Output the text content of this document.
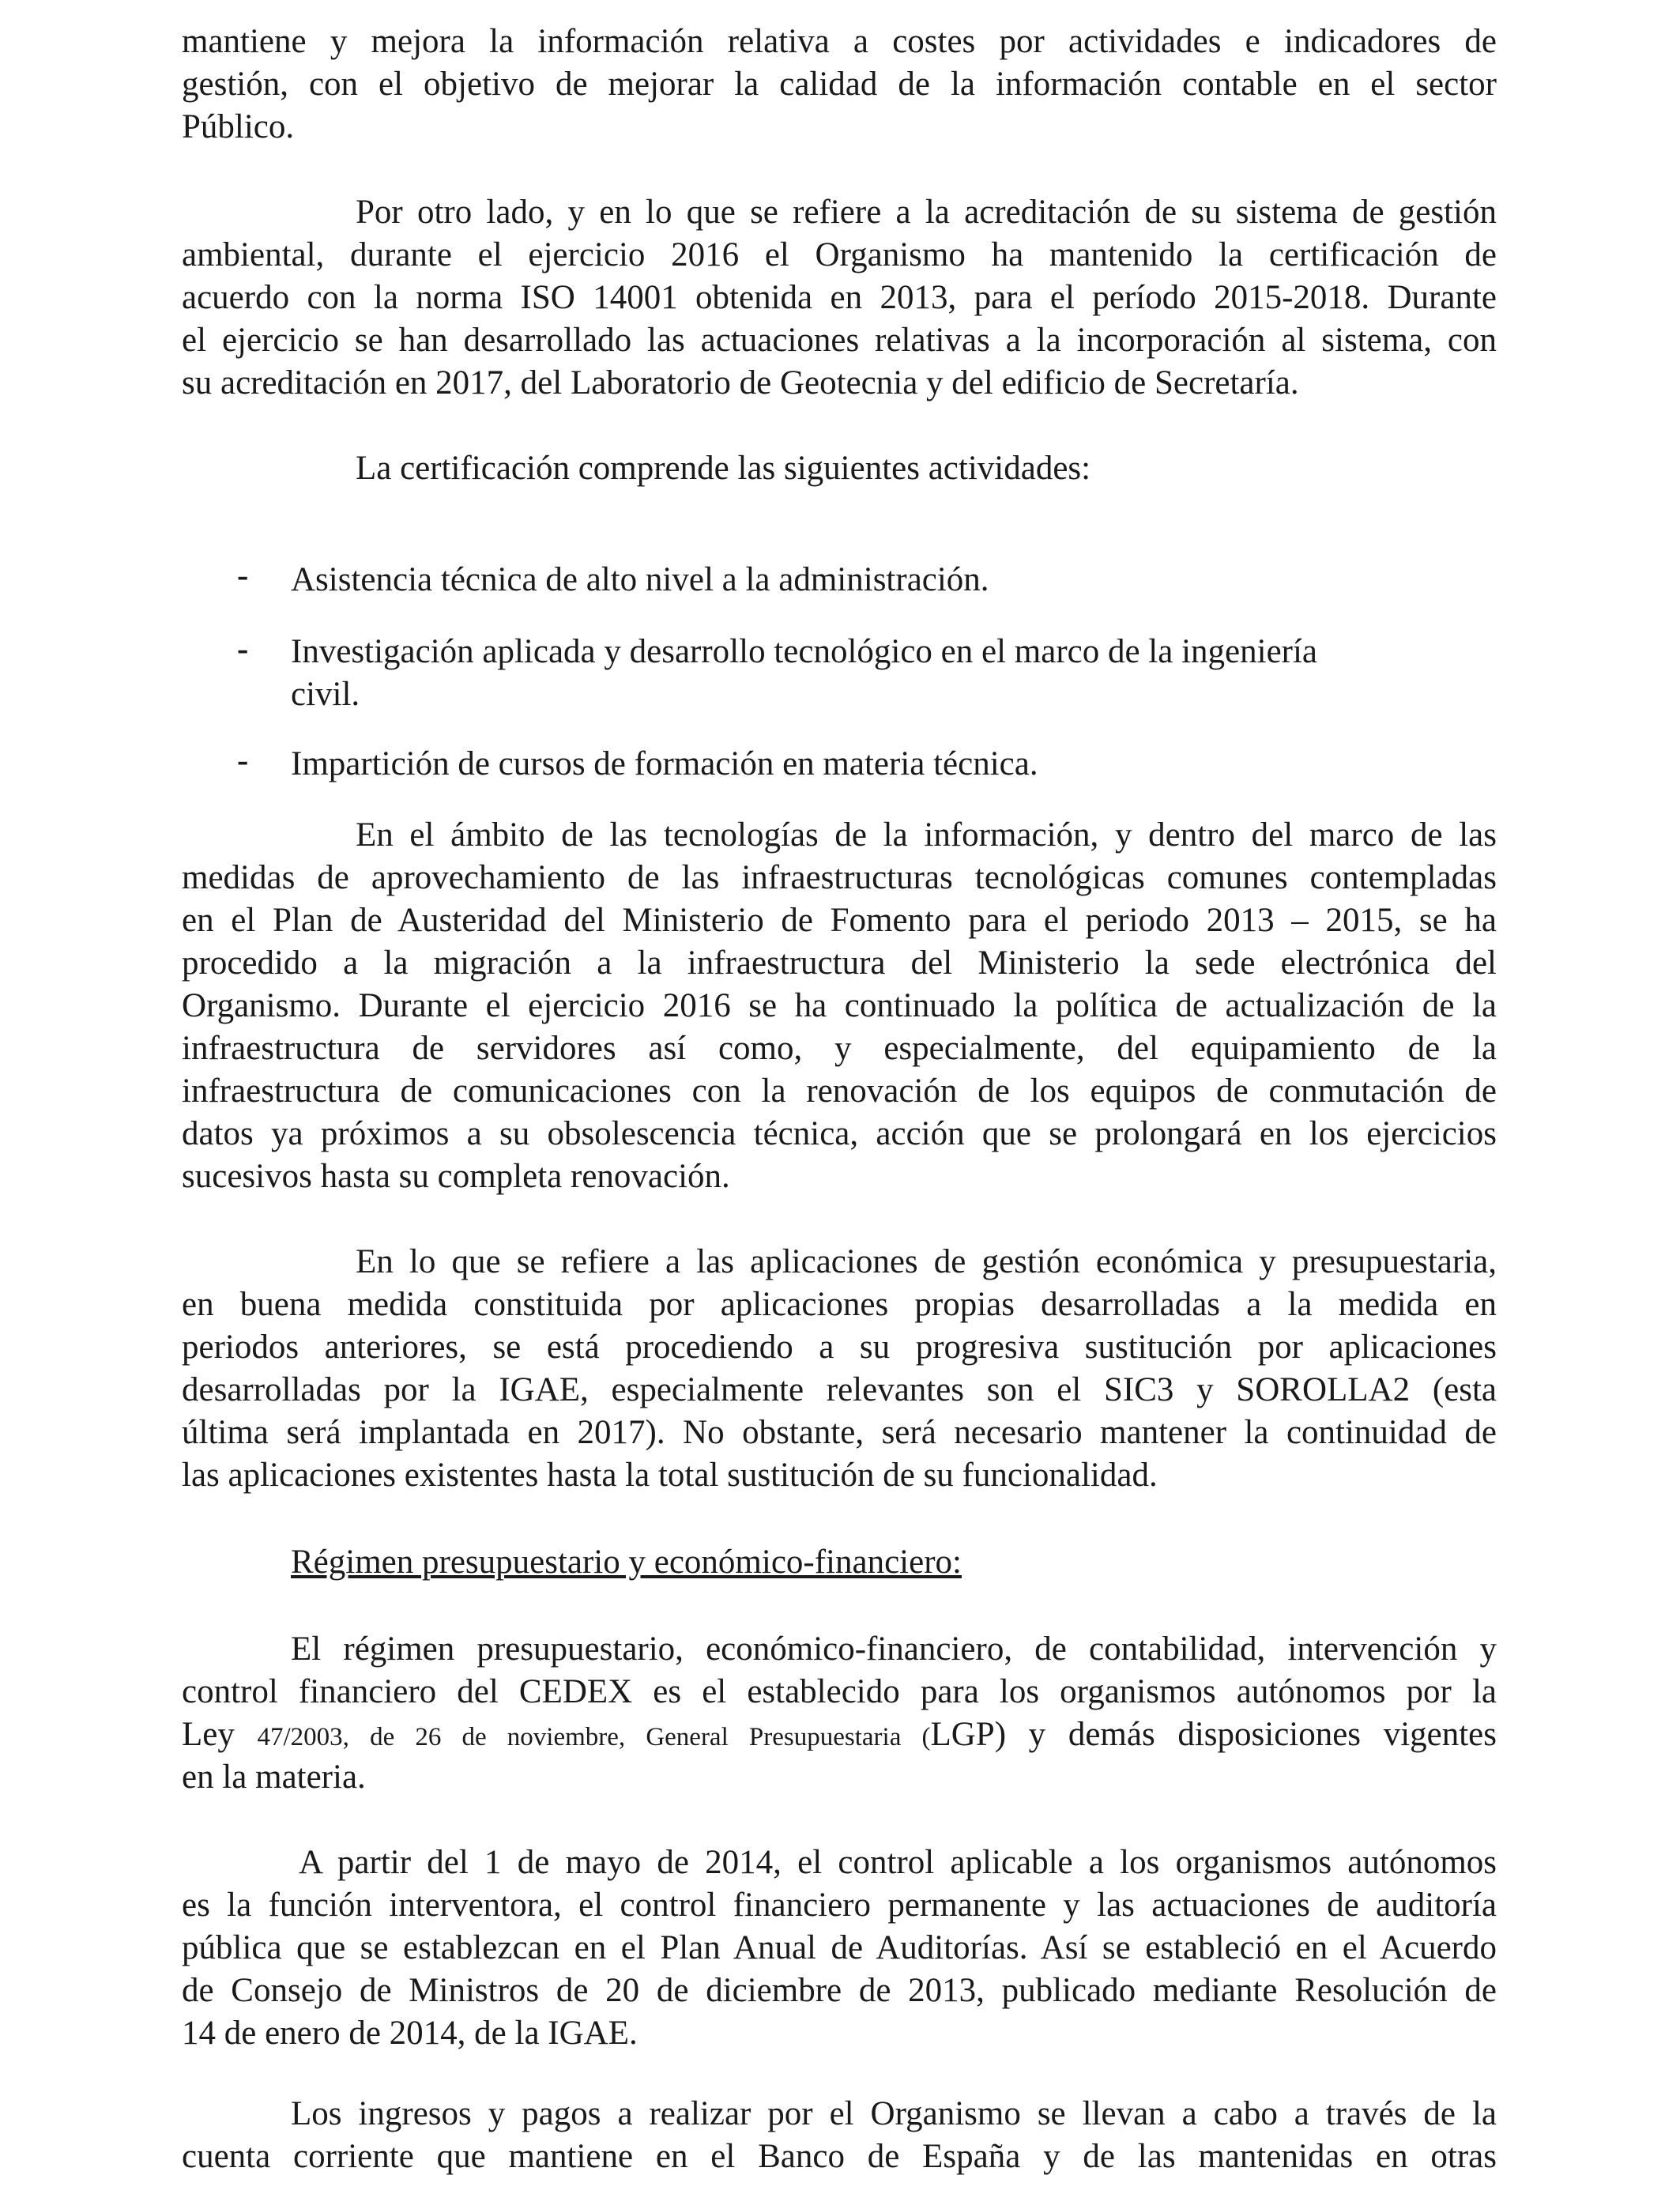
mantiene y mejora la información relativa a costes por actividades e indicadores de
gestión, con el objetivo de mejorar la calidad de la información contable en el sector
Público.
Por otro lado, y en lo que se refiere a la acreditación de su sistema de gestión
ambiental, durante el ejercicio 2016 el Organismo ha mantenido la certificación de
acuerdo con la norma ISO 14001 obtenida en 2013, para el período 2015-2018. Durante
el ejercicio se han desarrollado las actuaciones relativas a la incorporación al sistema, con
su acreditación en 2017, del Laboratorio de Geotecnia y del edificio de Secretaría.
La certificación comprende las siguientes actividades:
- Asistencia técnica de alto nivel a la administración.
- Investigación aplicada y desarrollo tecnológico en el marco de la ingeniería
civil.
- Impartición de cursos de formación en materia técnica.
En el ámbito de las tecnologías de la información, y dentro del marco de las
medidas de aprovechamiento de las infraestructuras tecnológicas comunes contempladas
en el Plan de Austeridad del Ministerio de Fomento para el periodo 2013 – 2015, se ha
procedido a la migración a la infraestructura del Ministerio la sede electrónica del
Organismo. Durante el ejercicio 2016 se ha continuado la política de actualización de la
infraestructura de servidores así como, y especialmente, del equipamiento de la
infraestructura de comunicaciones con la renovación de los equipos de conmutación de
datos ya próximos a su obsolescencia técnica, acción que se prolongará en los ejercicios
sucesivos hasta su completa renovación.
En lo que se refiere a las aplicaciones de gestión económica y presupuestaria,
en buena medida constituida por aplicaciones propias desarrolladas a la medida en
periodos anteriores, se está procediendo a su progresiva sustitución por aplicaciones
desarrolladas por la IGAE, especialmente relevantes son el SIC3 y SOROLLA2 (esta
última será implantada en 2017). No obstante, será necesario mantener la continuidad de
las aplicaciones existentes hasta la total sustitución de su funcionalidad.
Régimen presupuestario y económico-financiero:
El régimen presupuestario, económico-financiero, de contabilidad, intervención y
control financiero del CEDEX es el establecido para los organismos autónomos por la
Ley 47/2003, de 26 de noviembre, General Presupuestaria (LGP) y demás disposiciones vigentes
en la materia.
A partir del 1 de mayo de 2014, el control aplicable a los organismos autónomos
es la función interventora, el control financiero permanente y las actuaciones de auditoría
pública que se establezcan en el Plan Anual de Auditorías. Así se estableció en el Acuerdo
de Consejo de Ministros de 20 de diciembre de 2013, publicado mediante Resolución de
14 de enero de 2014, de la IGAE.
Los ingresos y pagos a realizar por el Organismo se llevan a cabo a través de la
cuenta corriente que mantiene en el Banco de España y de las mantenidas en otras
